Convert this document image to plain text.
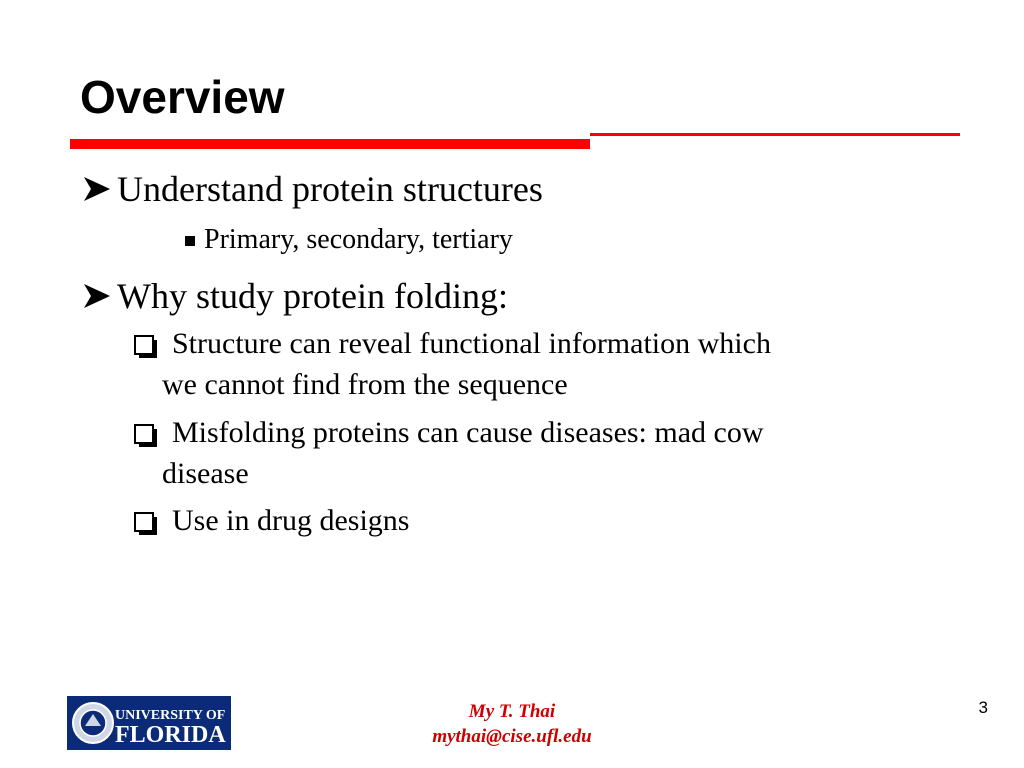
Overview
Understand protein structures
Primary, secondary, tertiary
Why study protein folding:
Structure can reveal functional information which
we cannot find from the sequence
Misfolding proteins can cause diseases: mad cow
disease
Use in drug designs
UNIVERSITY OF
FLORIDA
My T. Thai
mythai@cise.ufl.edu
3
